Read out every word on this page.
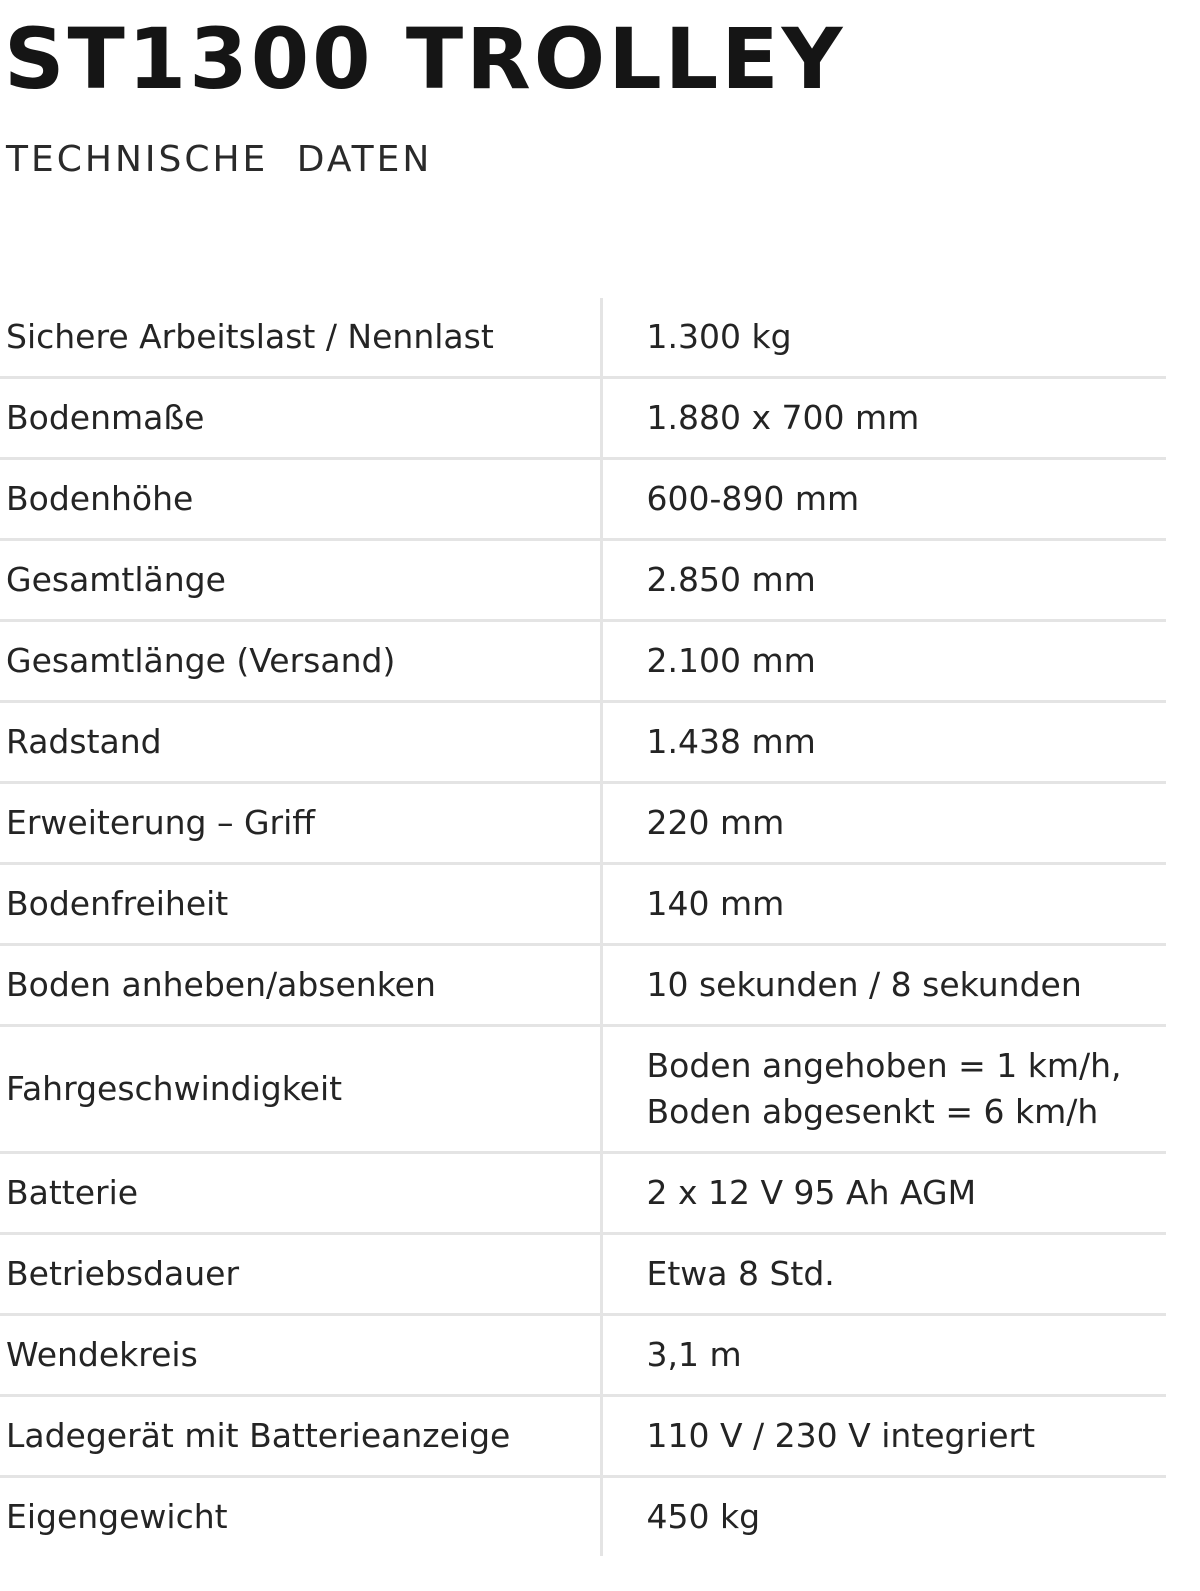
ST1300 TROLLEY
TECHNISCHE DATEN
Sichere Arbeitslast / Nennlast	1.300 kg
Bodenmaße	1.880 x 700 mm
Bodenhöhe	600-890 mm
Gesamtlänge	2.850 mm
Gesamtlänge (Versand)	2.100 mm
Radstand	1.438 mm
Erweiterung – Griff	220 mm
Bodenfreiheit	140 mm
Boden anheben/absenken	10 sekunden / 8 sekunden
Fahrgeschwindigkeit	Boden angehoben = 1 km/h,
Boden abgesenkt = 6 km/h

Batterie	2 x 12 V 95 Ah AGM
Betriebsdauer	Etwa 8 Std.
Wendekreis	3,1 m
Ladegerät mit Batterieanzeige	110 V / 230 V integriert
Eigengewicht	450 kg
